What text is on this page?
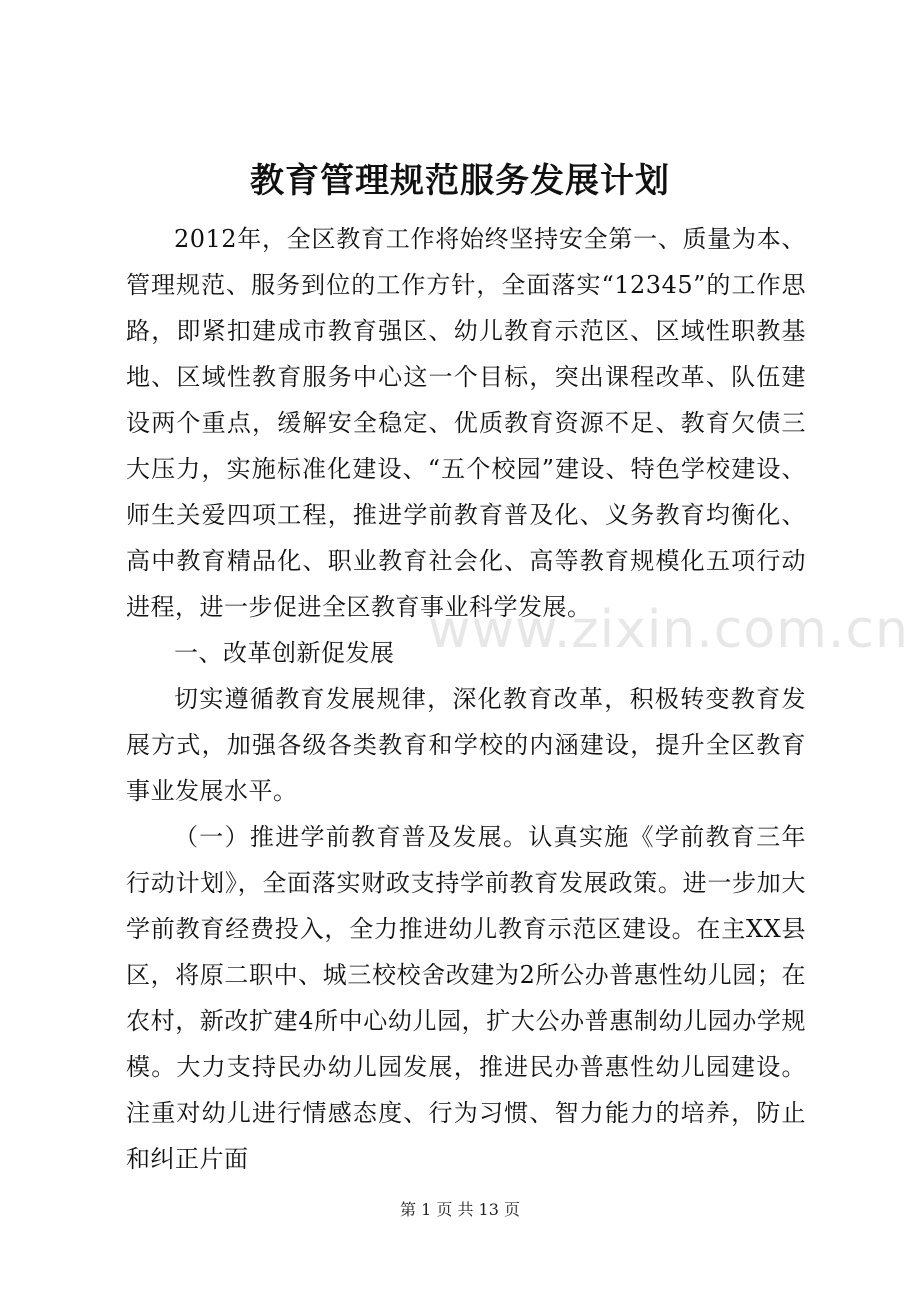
教育管理规范服务发展计划

2012年，全区教育工作将始终坚持安全第一、质量为本、管理规范、服务到位的工作方针，全面落实“12345”的工作思路，即紧扣建成市教育强区、幼儿教育示范区、区域性职教基地、区域性教育服务中心这一个目标，突出课程改革、队伍建设两个重点，缓解安全稳定、优质教育资源不足、教育欠债三大压力，实施标准化建设、“五个校园”建设、特色学校建设、师生关爱四项工程，推进学前教育普及化、义务教育均衡化、高中教育精品化、职业教育社会化、高等教育规模化五项行动进程，进一步促进全区教育事业科学发展。

一、改革创新促发展

切实遵循教育发展规律，深化教育改革，积极转变教育发展方式，加强各级各类教育和学校的内涵建设，提升全区教育事业发展水平。

（一）推进学前教育普及发展。认真实施《学前教育三年行动计划》，全面落实财政支持学前教育发展政策。进一步加大学前教育经费投入，全力推进幼儿教育示范区建设。在主XX县区，将原二职中、城三校校舍改建为2所公办普惠性幼儿园；在农村，新改扩建4所中心幼儿园，扩大公办普惠制幼儿园办学规模。大力支持民办幼儿园发展，推进民办普惠性幼儿园建设。注重对幼儿进行情感态度、行为习惯、智力能力的培养，防止和纠正片面

www.zixin.com.cn
第 1 页 共 13 页
